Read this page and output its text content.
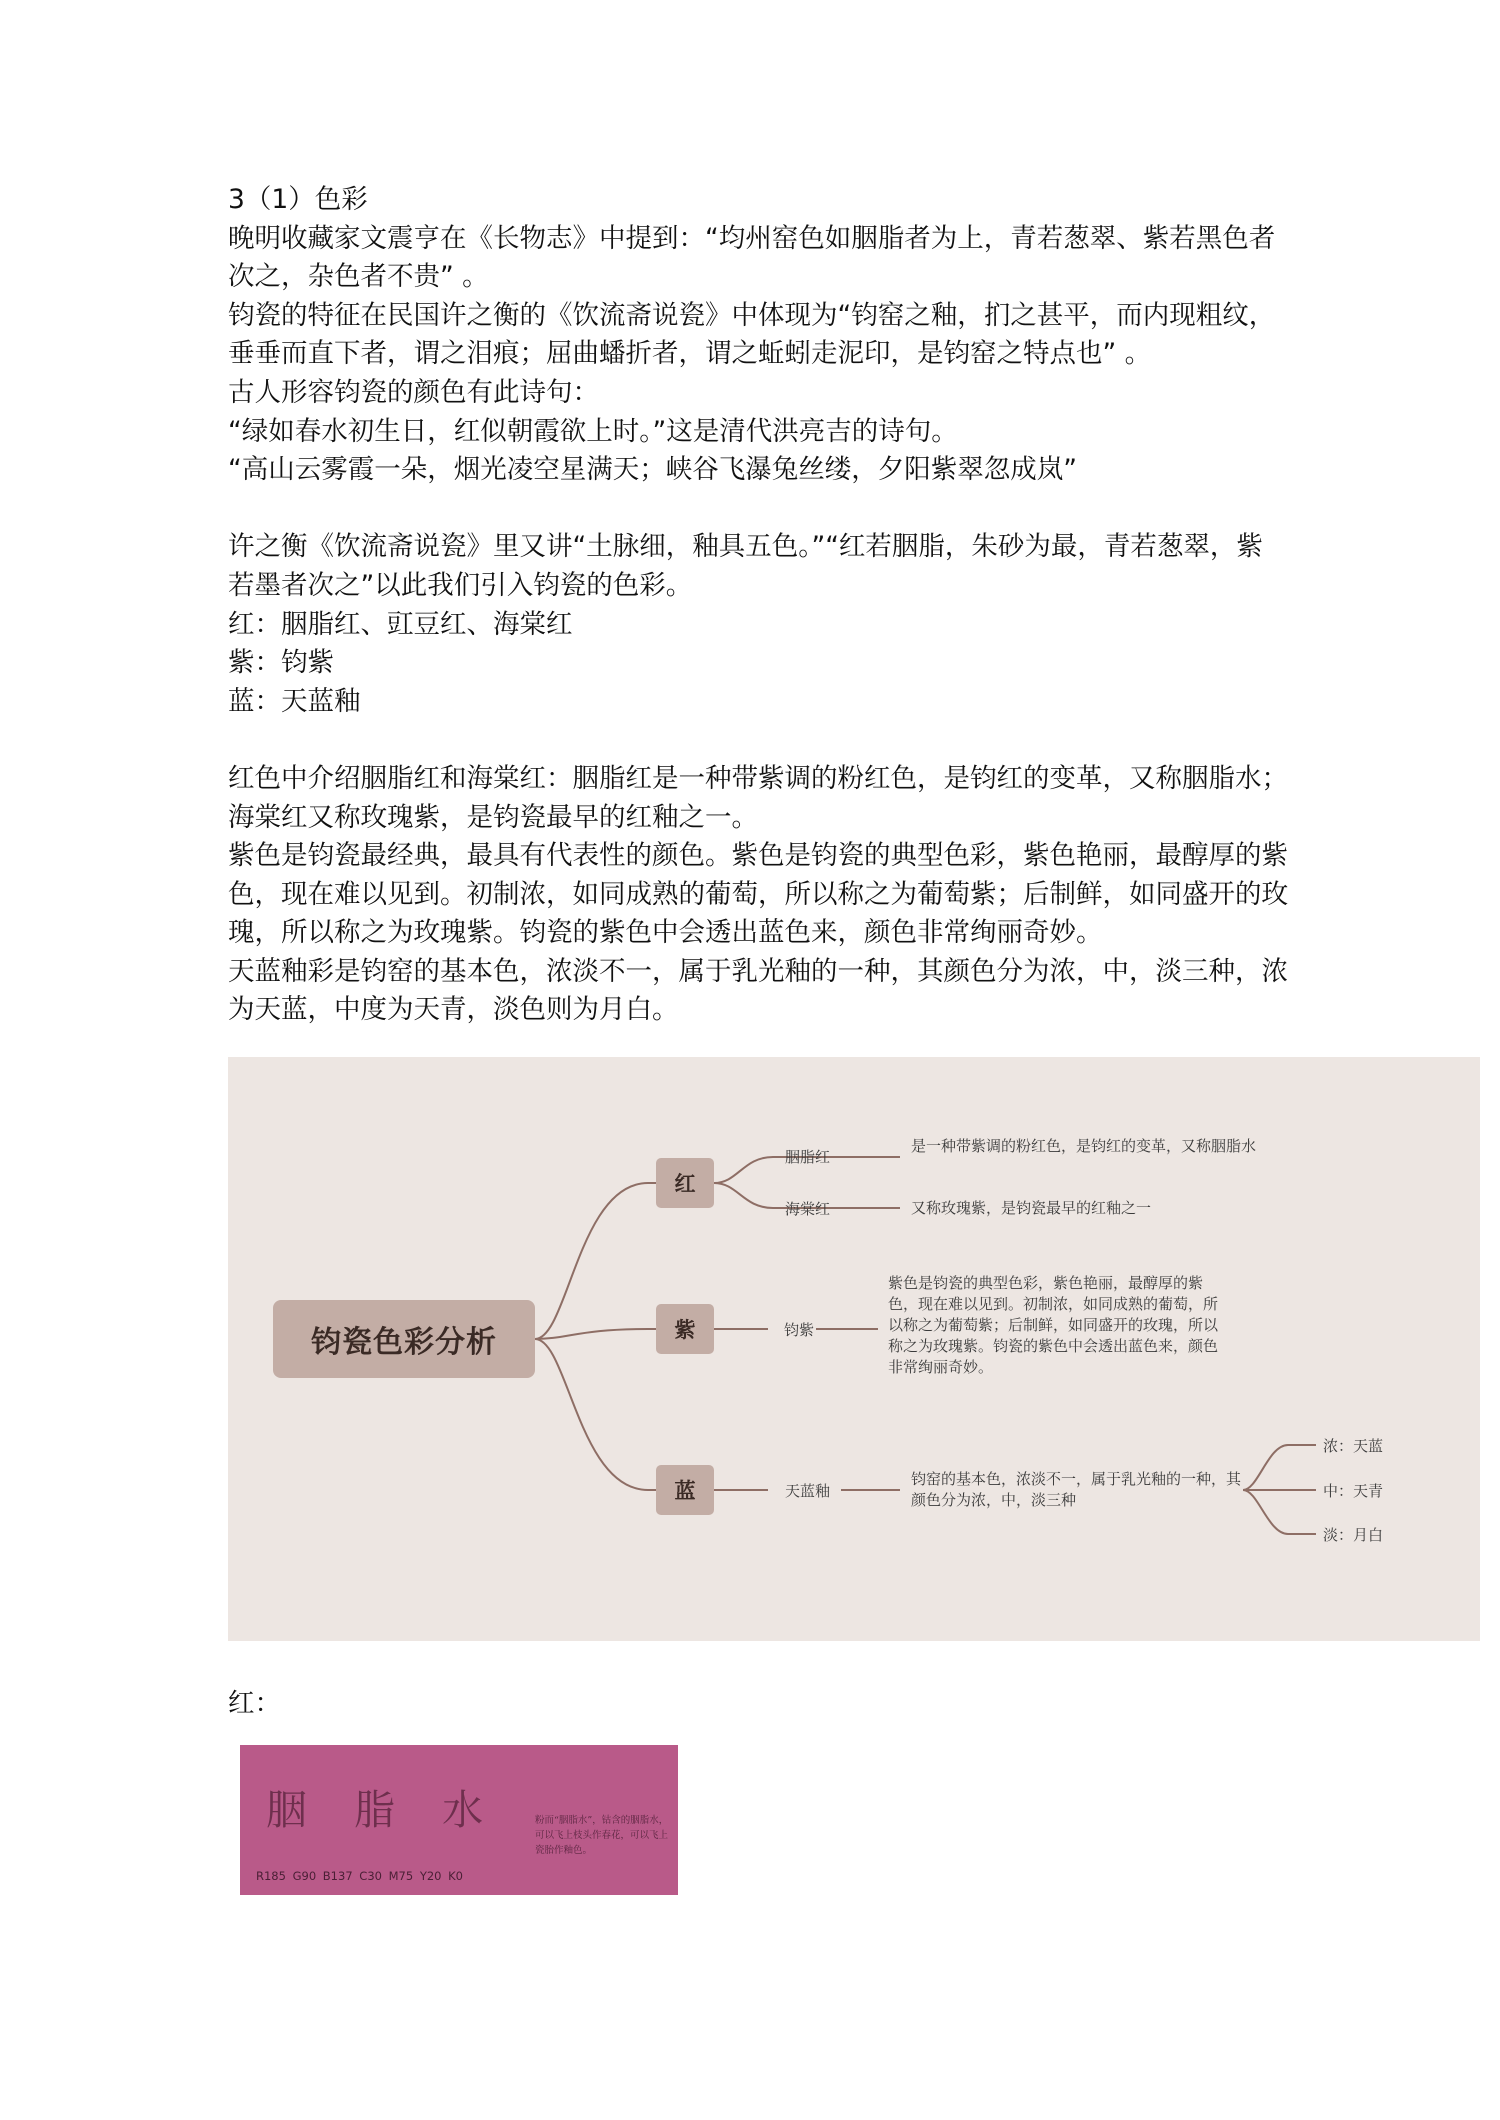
3（1）色彩

晚明收藏家文震亨在《长物志》中提到：“均州窑色如胭脂者为上，青若葱翠、紫若黑色者次之，杂色者不贵” 。

钧瓷的特征在民国许之衡的《饮流斋说瓷》中体现为“钧窑之釉，扪之甚平，而内现粗纹，垂垂而直下者，谓之泪痕；屈曲蟠折者，谓之蚯蚓走泥印，是钧窑之特点也” 。

古人形容钧瓷的颜色有此诗句：

“绿如春水初生日，红似朝霞欲上时。”这是清代洪亮吉的诗句。

“高山云雾霞一朵，烟光凌空星满天；峡谷飞瀑兔丝缕，夕阳紫翠忽成岚”

许之衡《饮流斋说瓷》里又讲“土脉细，釉具五色。”“红若胭脂，朱砂为最，青若葱翠，紫若墨者次之”以此我们引入钧瓷的色彩。

红：胭脂红、豇豆红、海棠红

紫：钧紫

蓝：天蓝釉

红色中介绍胭脂红和海棠红：胭脂红是一种带紫调的粉红色，是钧红的变革，又称胭脂水；海棠红又称玫瑰紫，是钧瓷最早的红釉之一。

紫色是钧瓷最经典，最具有代表性的颜色。紫色是钧瓷的典型色彩，紫色艳丽，最醇厚的紫色，现在难以见到。初制浓，如同成熟的葡萄，所以称之为葡萄紫；后制鲜，如同盛开的玫瑰，所以称之为玫瑰紫。钧瓷的紫色中会透出蓝色来，颜色非常绚丽奇妙。

天蓝釉彩是钧窑的基本色，浓淡不一，属于乳光釉的一种，其颜色分为浓，中，淡三种，浓为天蓝，中度为天青，淡色则为月白。

钧瓷色彩分析
红
紫
蓝
胭脂红
是一种带紫调的粉红色，是钧红的变革，又称胭脂水
海棠红	又称玫瑰紫，是钧瓷最早的红釉之一
钧紫
紫色是钧瓷的典型色彩，紫色艳丽，最醇厚的紫色，现在难以见到。初制浓，如同成熟的葡萄，所以称之为葡萄紫；后制鲜，如同盛开的玫瑰，所以称之为玫瑰紫。钧瓷的紫色中会透出蓝色来，颜色非常绚丽奇妙。
天蓝釉
钧窑的基本色，浓淡不一，属于乳光釉的一种，其颜色分为浓，中，淡三种
浓：天蓝
中：天青
淡：月白

红：

胭 脂 水	粉而“胭脂水”，钴含的胭脂水，可以飞上枝头作春花，可以飞上瓷胎作釉色。
R185 G90 B137 C30 M75 Y20 K0
